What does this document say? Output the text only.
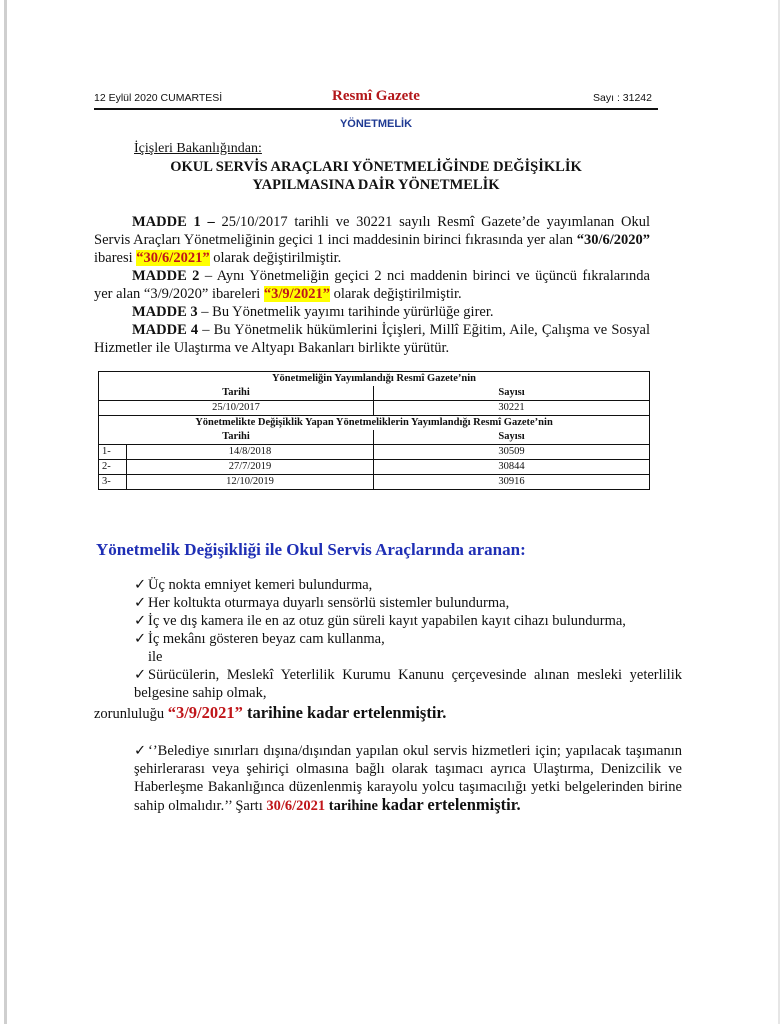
12 Eylül 2020 CUMARTESİ	Resmî Gazete	Sayı : 31242
YÖNETMELİK
İçişleri Bakanlığından:
OKUL SERVİS ARAÇLARI YÖNETMELİĞİNDE DEĞİŞİKLİK
YAPILMASINA DAİR YÖNETMELİK
MADDE 1 – 25/10/2017 tarihli ve 30221 sayılı Resmî Gazete’de yayımlanan Okul Servis Araçları Yönetmeliğinin geçici 1 inci maddesinin birinci fıkrasında yer alan “30/6/2020” ibaresi “30/6/2021” olarak değiştirilmiştir.
MADDE 2 – Aynı Yönetmeliğin geçici 2 nci maddenin birinci ve üçüncü fıkralarında yer alan “3/9/2020” ibareleri “3/9/2021” olarak değiştirilmiştir.
MADDE 3 – Bu Yönetmelik yayımı tarihinde yürürlüğe girer.
MADDE 4 – Bu Yönetmelik hükümlerini İçişleri, Millî Eğitim, Aile, Çalışma ve Sosyal Hizmetler ile Ulaştırma ve Altyapı Bakanları birlikte yürütür.
Yönetmeliğin Yayımlandığı Resmî Gazete’nin		
Tarihi		Sayısı
25/10/2017		30221
Yönetmelikte Değişiklik Yapan Yönetmeliklerin Yayımlandığı Resmî Gazete’nin		
Tarihi		Sayısı
1-	14/8/2018	30509
2-	27/7/2019	30844
3-	12/10/2019	30916
Yönetmelik Değişikliği ile Okul Servis Araçlarında aranan:
✓ Üç nokta emniyet kemeri bulundurma,
✓ Her koltukta oturmaya duyarlı sensörlü sistemler bulundurma,
✓ İç ve dış kamera ile en az otuz gün süreli kayıt yapabilen kayıt cihazı bulundurma,
✓ İç mekânı gösteren beyaz cam kullanma,
ile
✓ Sürücülerin, Meslekî Yeterlilik Kurumu Kanunu çerçevesinde alınan mesleki yeterlilik belgesine sahip olmak,
zorunluluğu “3/9/2021” tarihine kadar ertelenmiştir.
✓ ‘’Belediye sınırları dışına/dışından yapılan okul servis hizmetleri için; yapılacak taşımanın şehirlerarası veya şehiriçi olmasına bağlı olarak taşımacı ayrıca Ulaştırma, Denizcilik ve Haberleşme Bakanlığınca düzenlenmiş karayolu yolcu taşımacılığı yetki belgelerinden birine sahip olmalıdır.’’ Şartı 30/6/2021 tarihine kadar ertelenmiştir.
